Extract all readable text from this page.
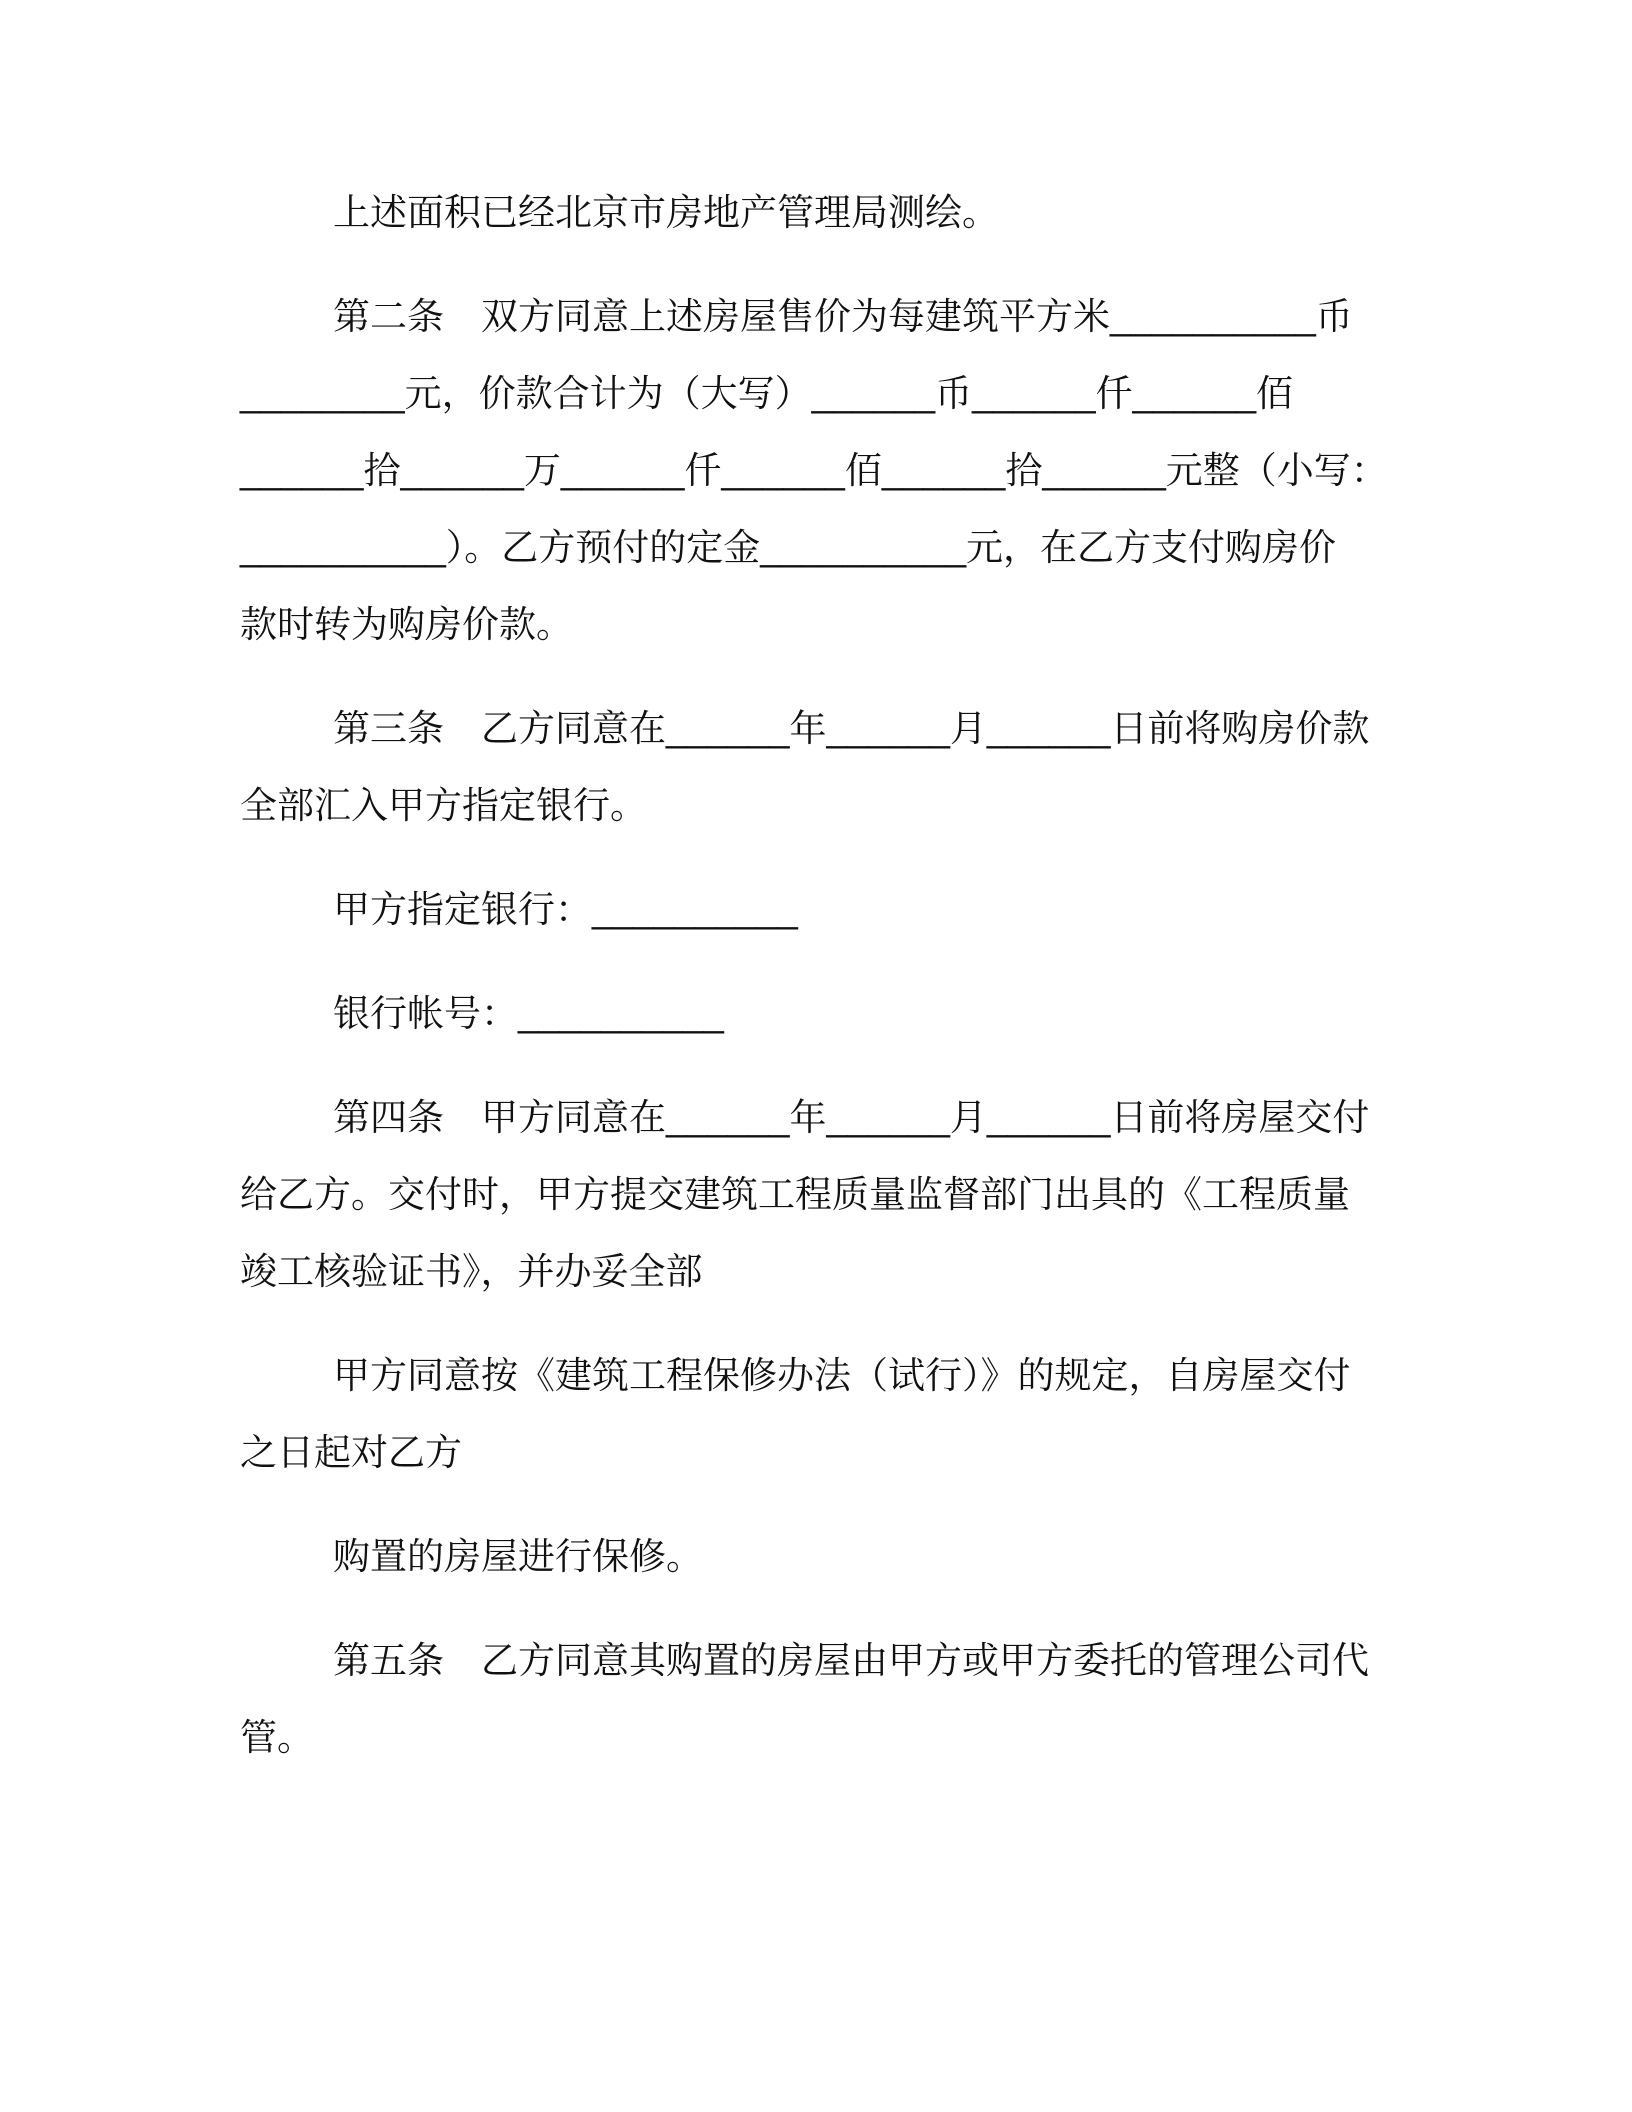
上述面积已经北京市房地产管理局测绘。
第二条　双方同意上述房屋售价为每建筑平方米__________币
________元，价款合计为（大写）______币______仟______佰
______拾______万______仟______佰______拾______元整（小写：
__________）。乙方预付的定金__________元，在乙方支付购房价
款时转为购房价款。
第三条　乙方同意在______年______月______日前将购房价款
全部汇入甲方指定银行。
甲方指定银行：__________
银行帐号：__________
第四条　甲方同意在______年______月______日前将房屋交付
给乙方。交付时，甲方提交建筑工程质量监督部门出具的《工程质量
竣工核验证书》，并办妥全部
甲方同意按《建筑工程保修办法（试行）》的规定，自房屋交付
之日起对乙方
购置的房屋进行保修。
第五条　乙方同意其购置的房屋由甲方或甲方委托的管理公司代
管。
